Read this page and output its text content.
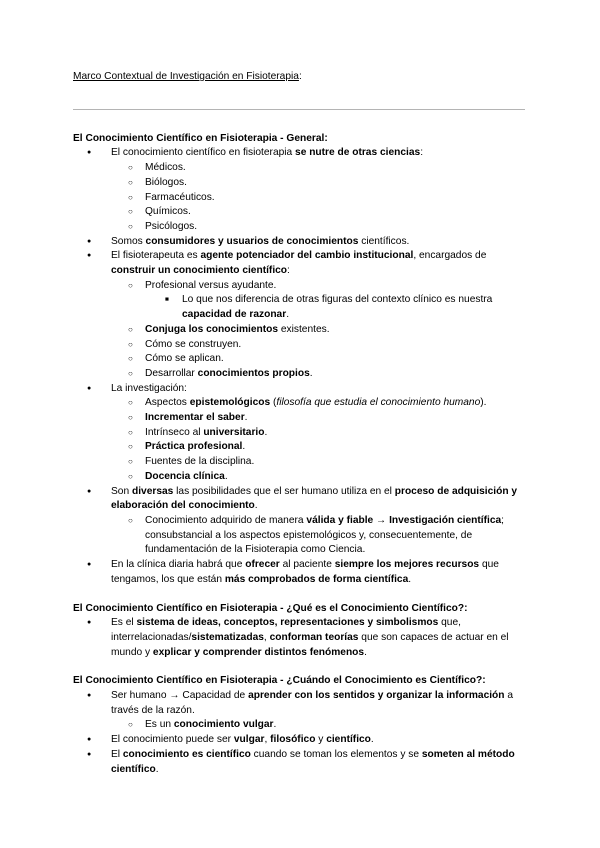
Marco Contextual de Investigación en Fisioterapia:

El Conocimiento Científico en Fisioterapia - General:

● El conocimiento científico en fisioterapia se nutre de otras ciencias:
○ Médicos.
○ Biólogos.
○ Farmacéuticos.
○ Químicos.
○ Psicólogos.
● Somos consumidores y usuarios de conocimientos científicos.
● El fisioterapeuta es agente potenciador del cambio institucional, encargados de construir un conocimiento científico:
○ Profesional versus ayudante.
■ Lo que nos diferencia de otras figuras del contexto clínico es nuestra capacidad de razonar.
○ Conjuga los conocimientos existentes.
○ Cómo se construyen.
○ Cómo se aplican.
○ Desarrollar conocimientos propios.
● La investigación:
○ Aspectos epistemológicos (filosofía que estudia el conocimiento humano).
○ Incrementar el saber.
○ Intrínseco al universitario.
○ Práctica profesional.
○ Fuentes de la disciplina.
○ Docencia clínica.
● Son diversas las posibilidades que el ser humano utiliza en el proceso de adquisición y elaboración del conocimiento.
○ Conocimiento adquirido de manera válida y fiable → Investigación científica; consubstancial a los aspectos epistemológicos y, consecuentemente, de fundamentación de la Fisioterapia como Ciencia.
● En la clínica diaria habrá que ofrecer al paciente siempre los mejores recursos que tengamos, los que están más comprobados de forma científica.

El Conocimiento Científico en Fisioterapia - ¿Qué es el Conocimiento Científico?:

● Es el sistema de ideas, conceptos, representaciones y simbolismos que, interrelacionadas/sistematizadas, conforman teorías que son capaces de actuar en el mundo y explicar y comprender distintos fenómenos.

El Conocimiento Científico en Fisioterapia - ¿Cuándo el Conocimiento es Científico?:

● Ser humano → Capacidad de aprender con los sentidos y organizar la información a través de la razón.
○ Es un conocimiento vulgar.
● El conocimiento puede ser vulgar, filosófico y científico.
● El conocimiento es científico cuando se toman los elementos y se someten al método científico.
